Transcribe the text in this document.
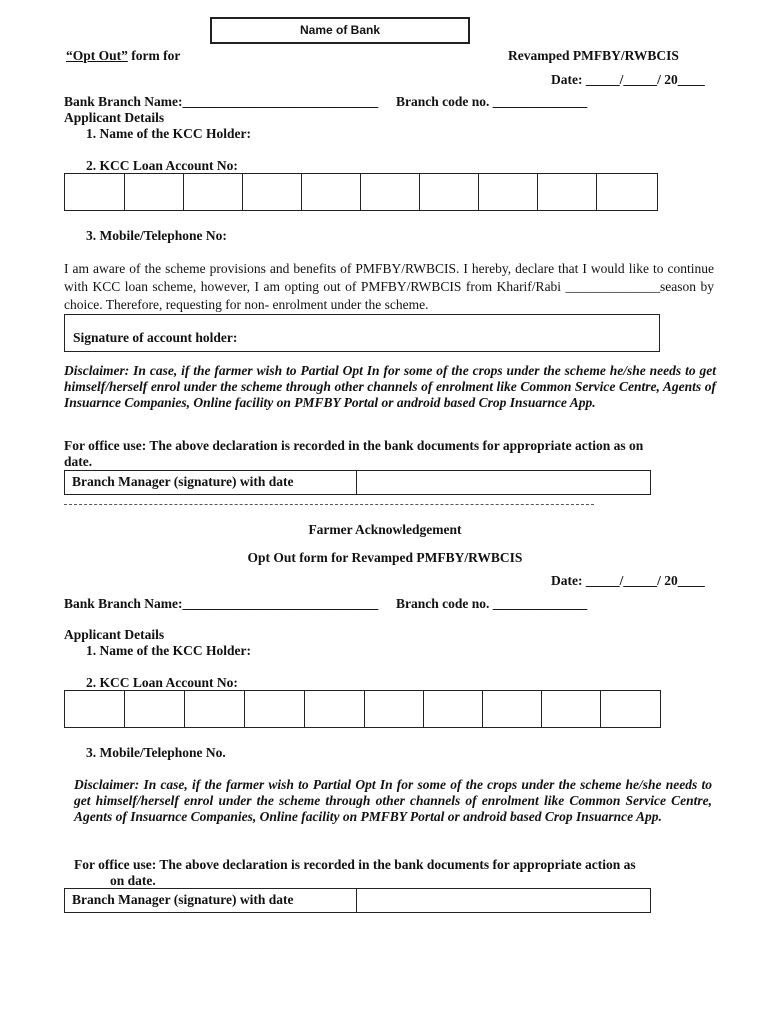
Name of Bank
“Opt Out” form for	Revamped PMFBY/RWBCIS
Date: _____/_____/ 20____
Bank Branch Name:_____________________________ Branch code no. ______________
Applicant Details
1. Name of the KCC Holder:
2. KCC Loan Account No:
3. Mobile/Telephone No:
I am aware of the scheme provisions and benefits of PMFBY/RWBCIS. I hereby, declare that I would like to continue with KCC loan scheme, however, I am opting out of PMFBY/RWBCIS from Kharif/Rabi ______________season by choice. Therefore, requesting for non- enrolment under the scheme.
Signature of account holder:
Disclaimer: In case, if the farmer wish to Partial Opt In for some of the crops under the scheme he/she needs to get himself/herself enrol under the scheme through other channels of enrolment like Common Service Centre, Agents of Insuarnce Companies, Online facility on PMFBY Portal or android based Crop Insuarnce App.
For office use: The above declaration is recorded in the bank documents for appropriate action as on
date.
Branch Manager (signature) with date
Farmer Acknowledgement
Opt Out form for Revamped PMFBY/RWBCIS
Date: _____/_____/ 20____
Bank Branch Name:_____________________________ Branch code no. ______________
Applicant Details
1. Name of the KCC Holder:
2. KCC Loan Account No:
3. Mobile/Telephone No.
Disclaimer: In case, if the farmer wish to Partial Opt In for some of the crops under the scheme he/she needs to get himself/herself enrol under the scheme through other channels of enrolment like Common Service Centre, Agents of Insuarnce Companies, Online facility on PMFBY Portal or android based Crop Insuarnce App.
For office use: The above declaration is recorded in the bank documents for appropriate action as
on date.
Branch Manager (signature) with date
